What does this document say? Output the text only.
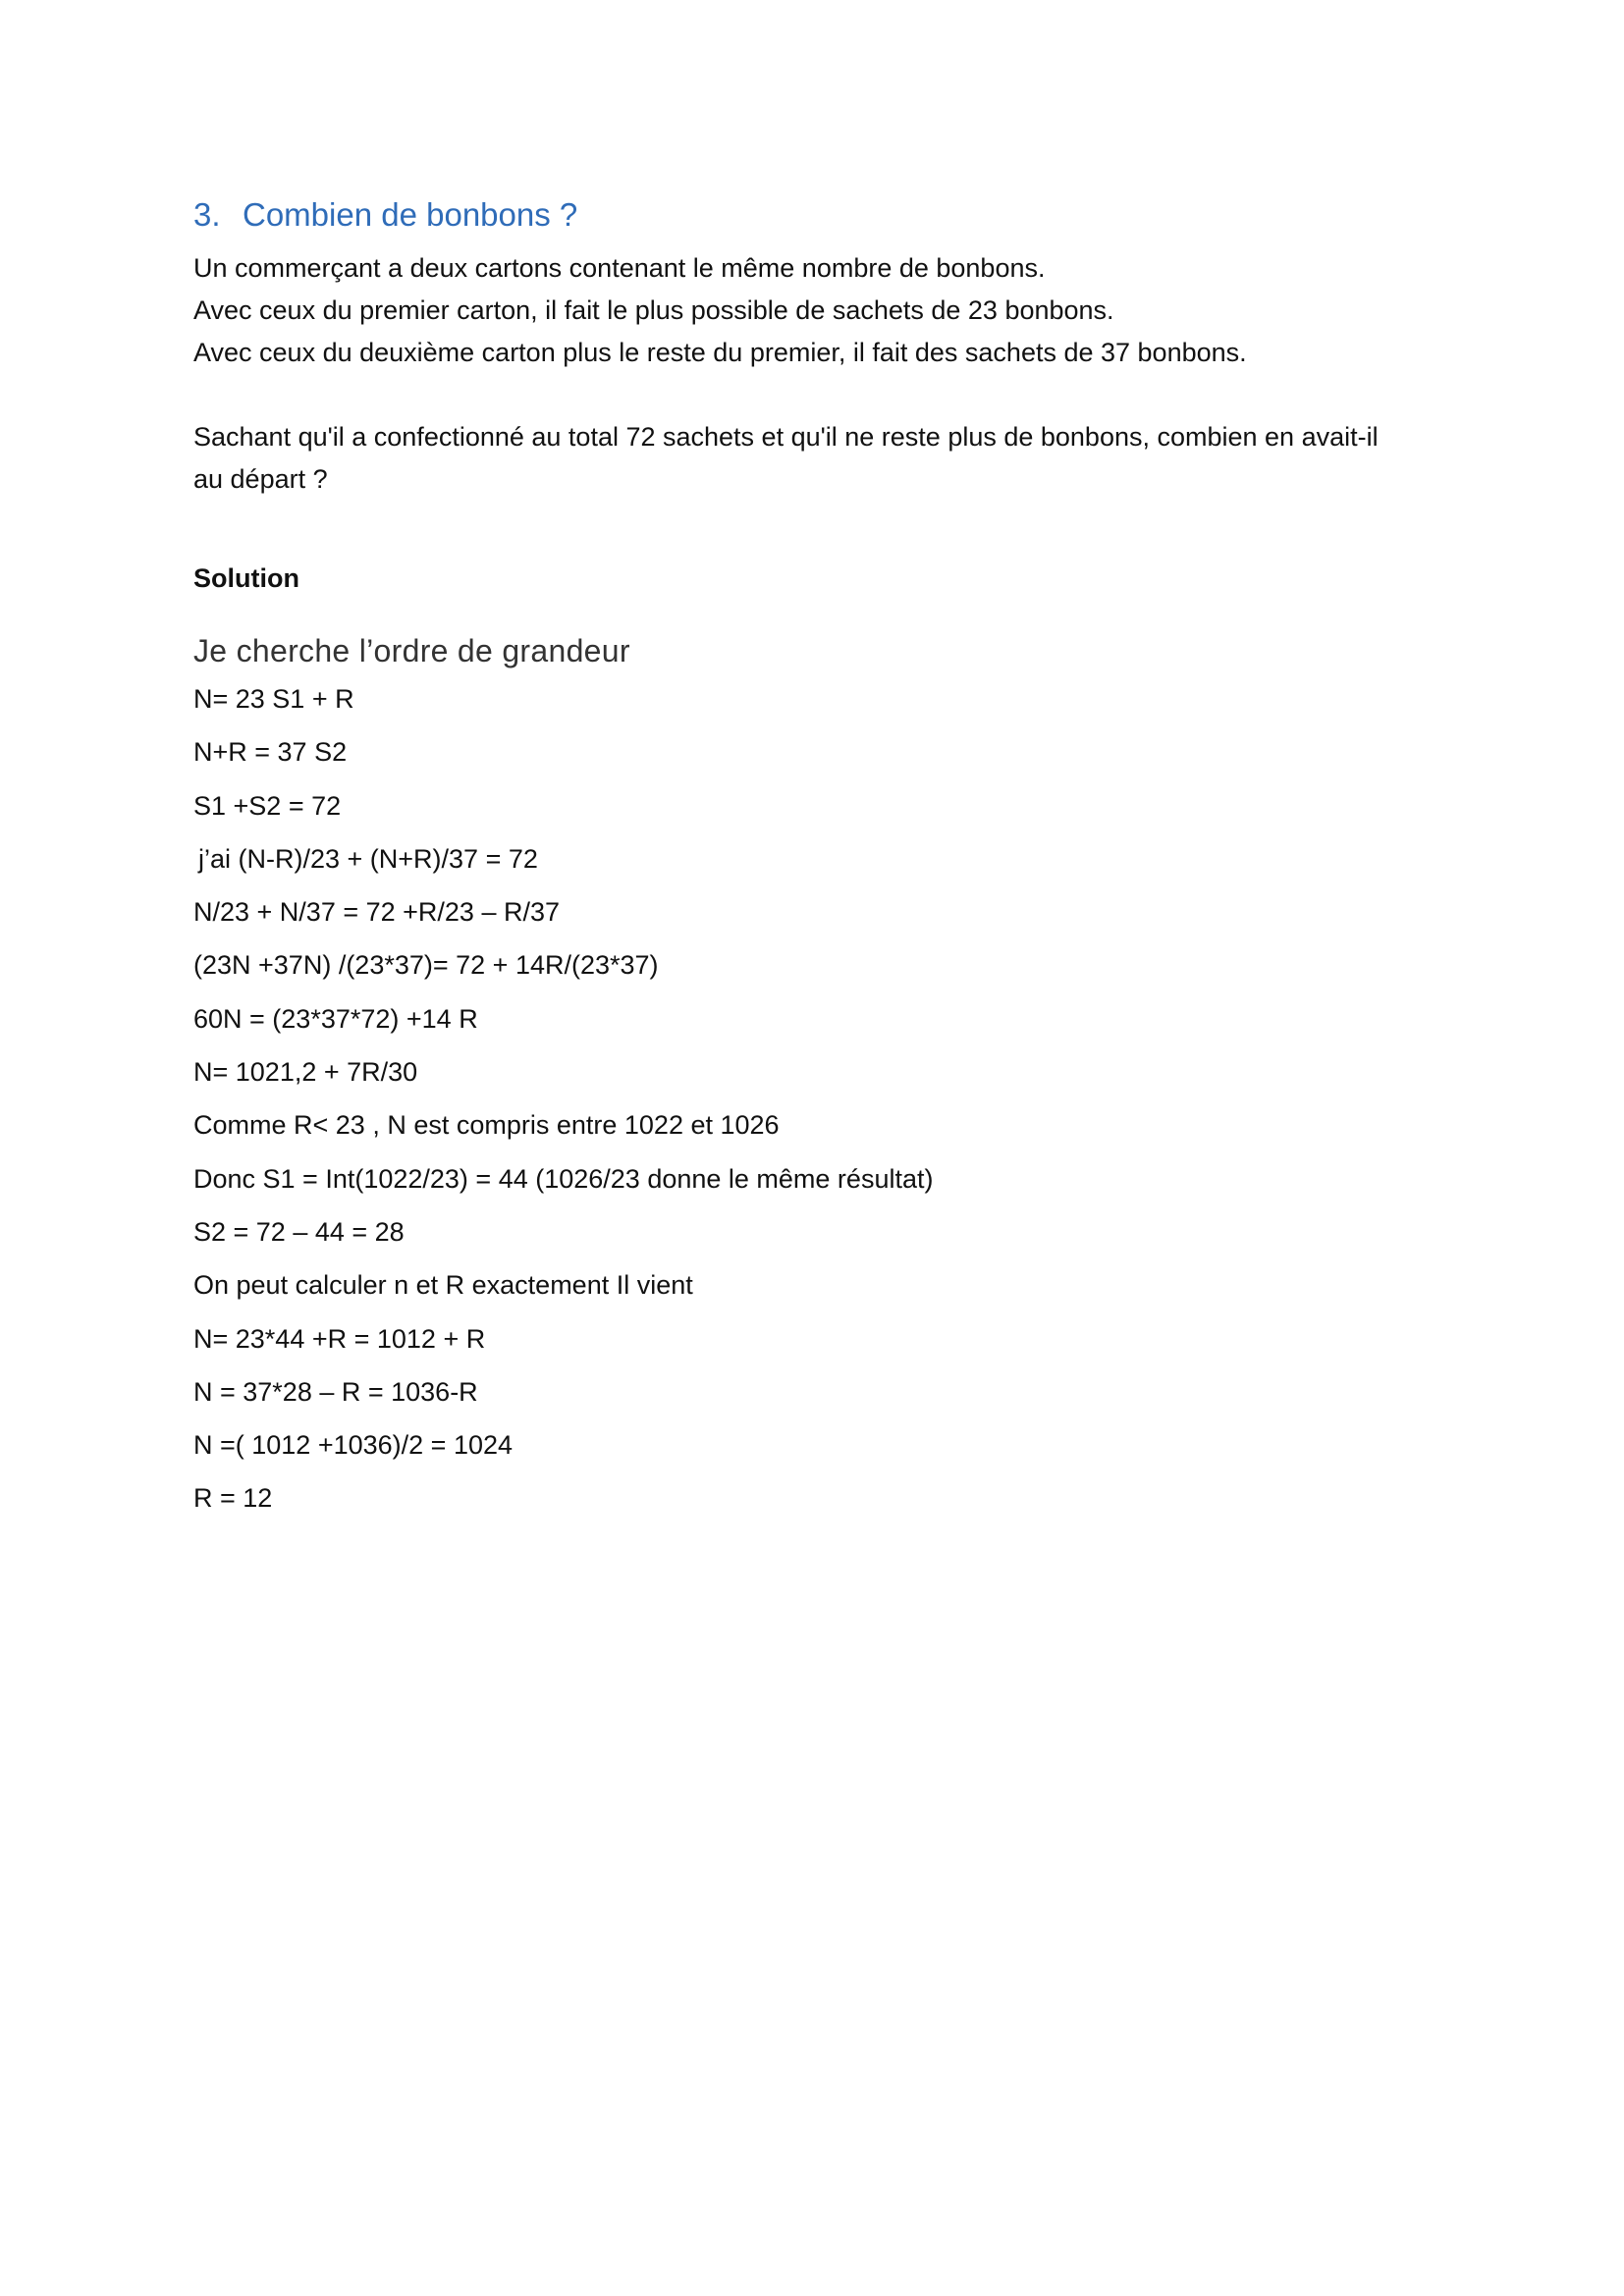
3. Combien de bonbons ?

Un commerçant a deux cartons contenant le même nombre de bonbons.

Avec ceux du premier carton, il fait le plus possible de sachets de 23 bonbons.

Avec ceux du deuxième carton plus le reste du premier, il fait des sachets de 37 bonbons.

Sachant qu'il a confectionné au total 72 sachets et qu'il ne reste plus de bonbons, combien en avait-il

au départ ?

Solution

Je cherche l’ordre de grandeur
N= 23 S1 + R
N+R = 37 S2
S1 +S2 = 72
j’ai (N-R)/23 + (N+R)/37 = 72
N/23 + N/37 = 72 +R/23 – R/37
(23N +37N) /(23*37)= 72 + 14R/(23*37)
60N = (23*37*72) +14 R
N= 1021,2 + 7R/30
Comme R< 23 , N est compris entre 1022 et 1026
Donc S1 = Int(1022/23) = 44 (1026/23 donne le même résultat)
S2 = 72 – 44 = 28
On peut calculer n et R exactement Il vient
N= 23*44 +R = 1012 + R
N = 37*28 – R = 1036-R
N =( 1012 +1036)/2 = 1024
R = 12
